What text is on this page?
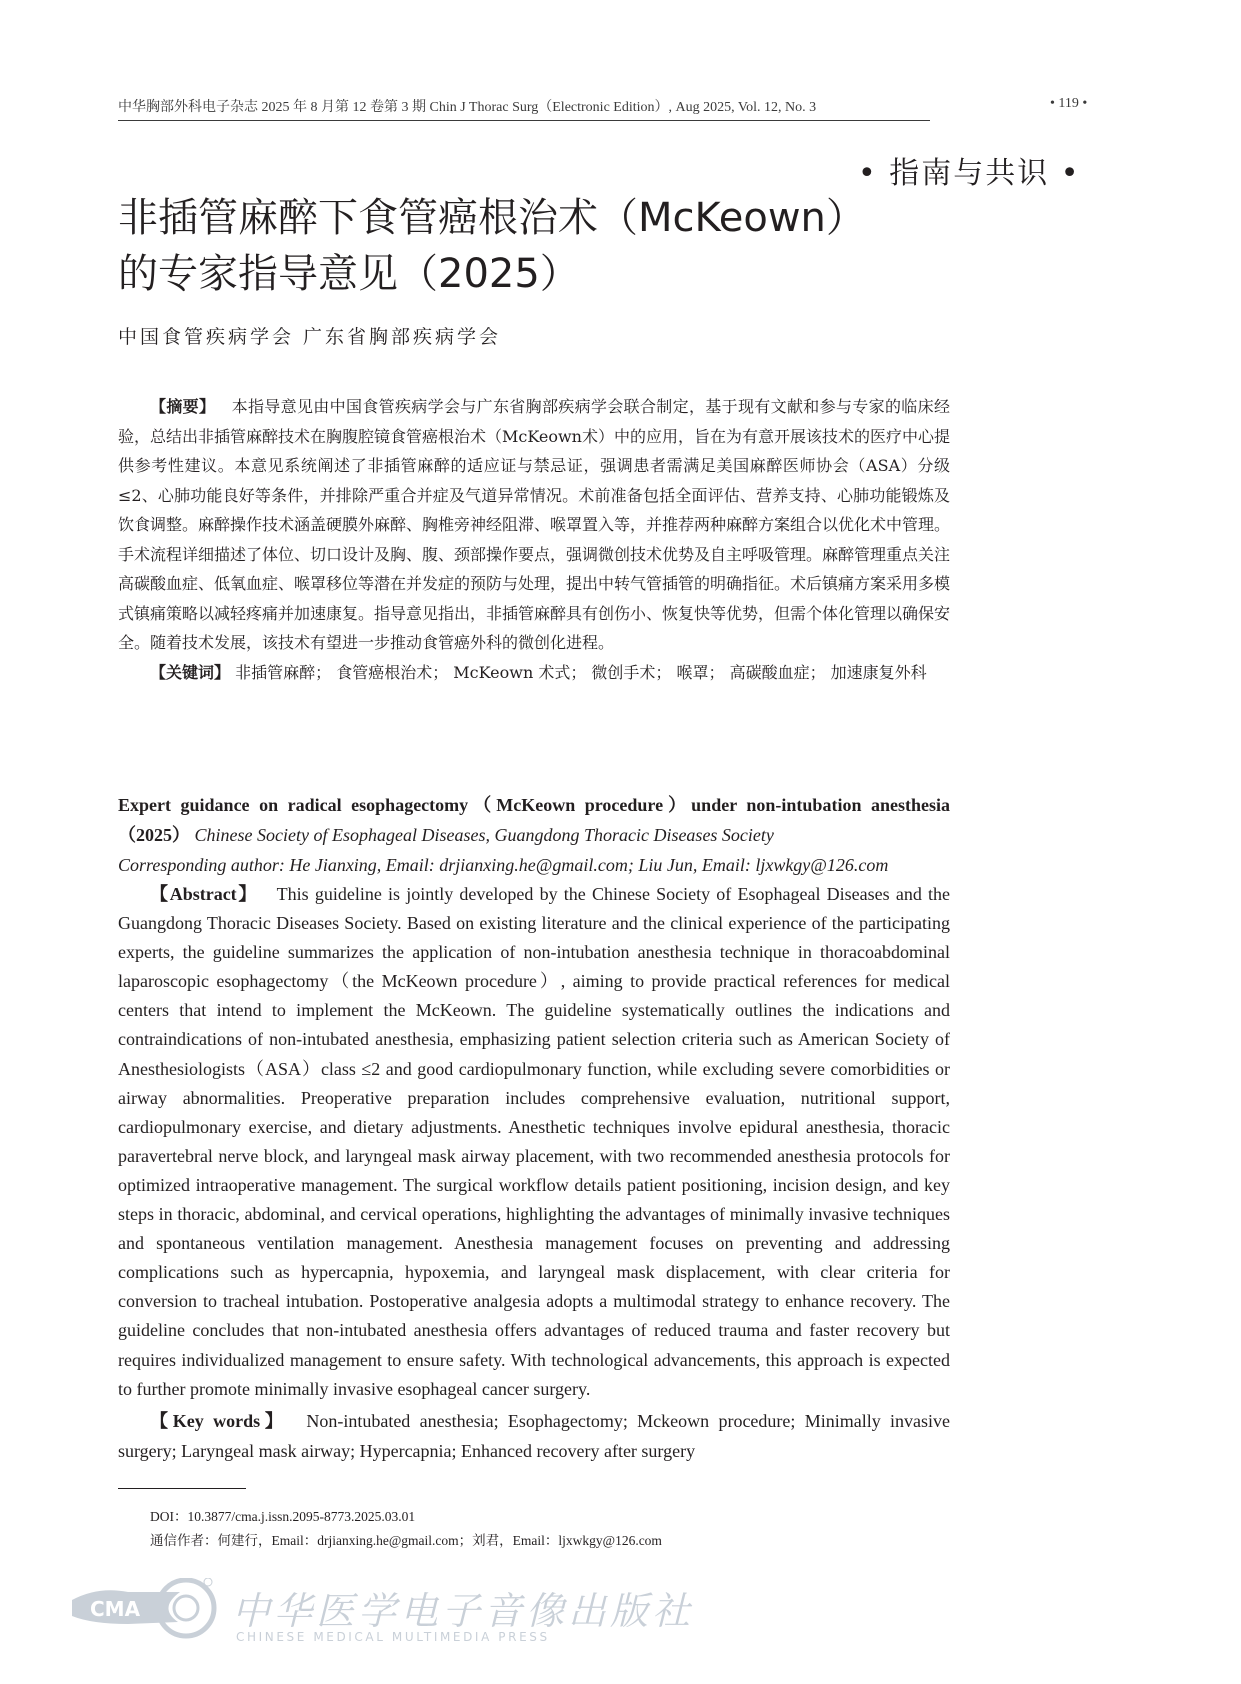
中华胸部外科电子杂志 2025 年 8 月第 12 卷第 3 期 Chin J Thorac Surg（Electronic Edition）, Aug 2025, Vol. 12, No. 3	• 119 •
• 指南与共识 •
非插管麻醉下食管癌根治术（McKeown）
的专家指导意见（2025）
中国食管疾病学会 广东省胸部疾病学会

【摘要】 本指导意见由中国食管疾病学会与广东省胸部疾病学会联合制定，基于现有文献和参与专家的临床经验，总结出非插管麻醉技术在胸腹腔镜食管癌根治术（McKeown术）中的应用，旨在为有意开展该技术的医疗中心提供参考性建议。本意见系统阐述了非插管麻醉的适应证与禁忌证，强调患者需满足美国麻醉医师协会（ASA）分级≤2、心肺功能良好等条件，并排除严重合并症及气道异常情况。术前准备包括全面评估、营养支持、心肺功能锻炼及饮食调整。麻醉操作技术涵盖硬膜外麻醉、胸椎旁神经阻滞、喉罩置入等，并推荐两种麻醉方案组合以优化术中管理。手术流程详细描述了体位、切口设计及胸、腹、颈部操作要点，强调微创技术优势及自主呼吸管理。麻醉管理重点关注高碳酸血症、低氧血症、喉罩移位等潜在并发症的预防与处理，提出中转气管插管的明确指征。术后镇痛方案采用多模式镇痛策略以减轻疼痛并加速康复。指导意见指出，非插管麻醉具有创伤小、恢复快等优势，但需个体化管理以确保安全。随着技术发展，该技术有望进一步推动食管癌外科的微创化进程。

【关键词】 非插管麻醉； 食管癌根治术； McKeown 术式； 微创手术； 喉罩； 高碳酸血症； 加速康复外科

Expert guidance on radical esophagectomy（McKeown procedure）under non-intubation anesthesia（2025） Chinese Society of Esophageal Diseases, Guangdong Thoracic Diseases Society

Corresponding author: He Jianxing, Email: drjianxing.he@gmail.com; Liu Jun, Email: ljxwkgy@126.com

【Abstract】 This guideline is jointly developed by the Chinese Society of Esophageal Diseases and the Guangdong Thoracic Diseases Society. Based on existing literature and the clinical experience of the participating experts, the guideline summarizes the application of non-intubation anesthesia technique in thoracoabdominal laparoscopic esophagectomy（the McKeown procedure）, aiming to provide practical references for medical centers that intend to implement the McKeown. The guideline systematically outlines the indications and contraindications of non-intubated anesthesia, emphasizing patient selection criteria such as American Society of Anesthesiologists（ASA）class ≤2 and good cardiopulmonary function, while excluding severe comorbidities or airway abnormalities. Preoperative preparation includes comprehensive evaluation, nutritional support, cardiopulmonary exercise, and dietary adjustments. Anesthetic techniques involve epidural anesthesia, thoracic paravertebral nerve block, and laryngeal mask airway placement, with two recommended anesthesia protocols for optimized intraoperative management. The surgical workflow details patient positioning, incision design, and key steps in thoracic, abdominal, and cervical operations, highlighting the advantages of minimally invasive techniques and spontaneous ventilation management. Anesthesia management focuses on preventing and addressing complications such as hypercapnia, hypoxemia, and laryngeal mask displacement, with clear criteria for conversion to tracheal intubation. Postoperative analgesia adopts a multimodal strategy to enhance recovery. The guideline concludes that non-intubated anesthesia offers advantages of reduced trauma and faster recovery but requires individualized management to ensure safety. With technological advancements, this approach is expected to further promote minimally invasive esophageal cancer surgery.

【Key words】 Non-intubated anesthesia; Esophagectomy; Mckeown procedure; Minimally invasive surgery; Laryngeal mask airway; Hypercapnia; Enhanced recovery after surgery

DOI：10.3877/cma.j.issn.2095-8773.2025.03.01
通信作者：何建行，Email：drjianxing.he@gmail.com；刘君，Email：ljxwkgy@126.com
CMA 中华医学电子音像出版社
CHINESE MEDICAL MULTIMEDIA PRESS
